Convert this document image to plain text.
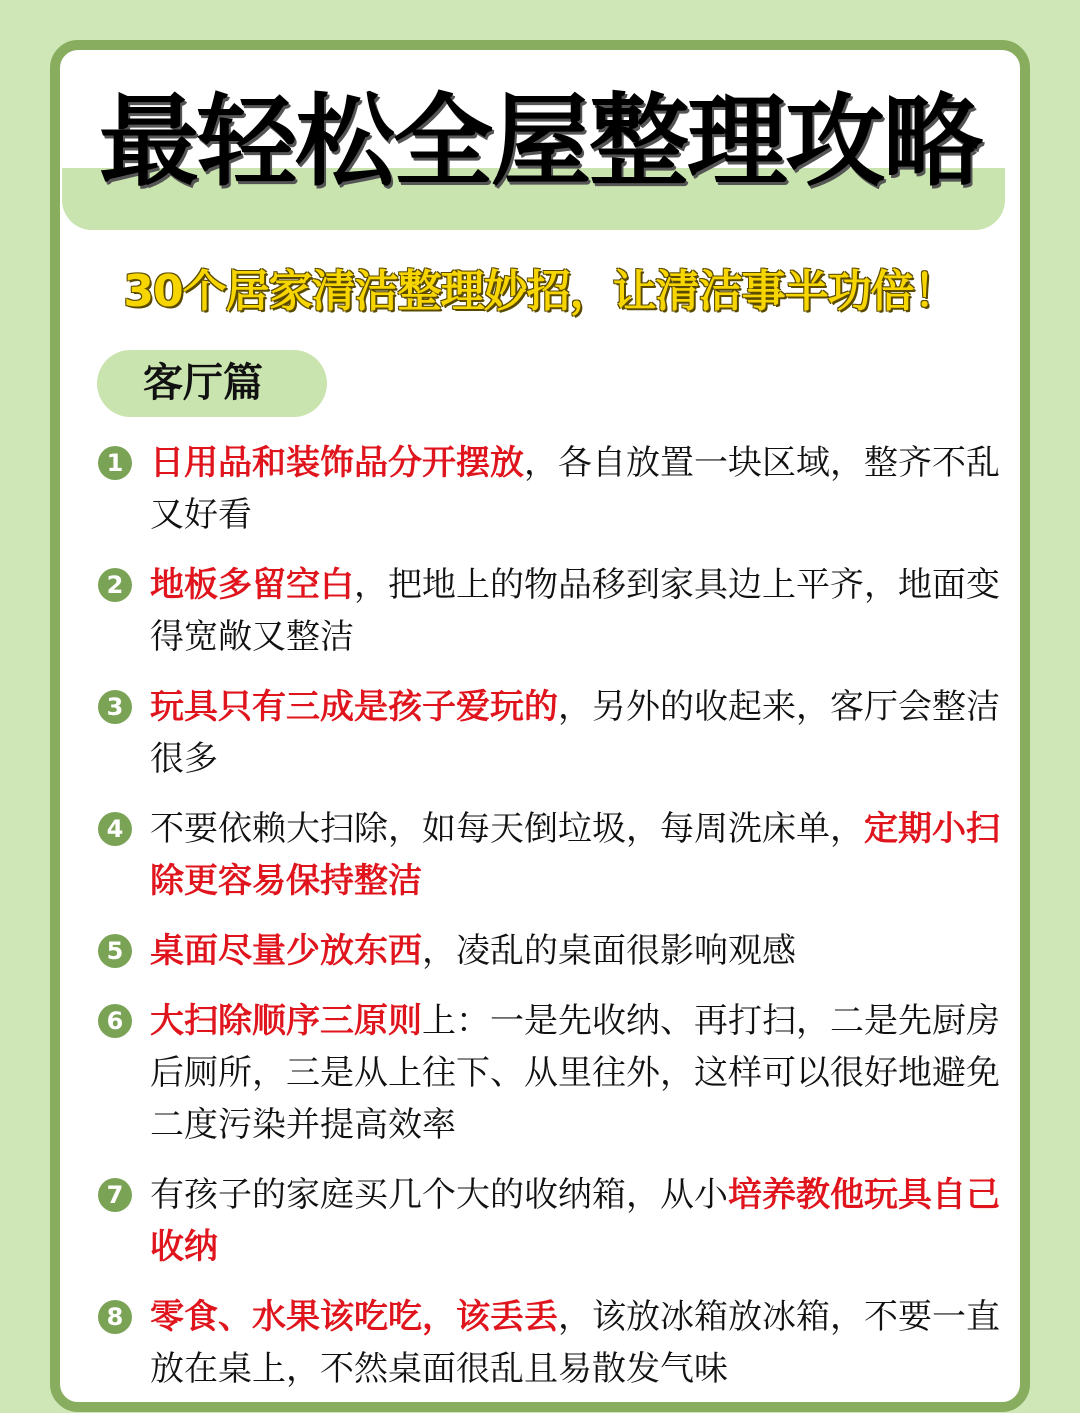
最轻松全屋整理攻略
30个居家清洁整理妙招，让清洁事半功倍！
客厅篇
1 日用品和装饰品分开摆放，各自放置一块区域，整齐不乱又好看
2 地板多留空白，把地上的物品移到家具边上平齐，地面变得宽敞又整洁
3 玩具只有三成是孩子爱玩的，另外的收起来，客厅会整洁很多
4 不要依赖大扫除，如每天倒垃圾，每周洗床单，定期小扫除更容易保持整洁
5 桌面尽量少放东西，凌乱的桌面很影响观感
6 大扫除顺序三原则上：一是先收纳、再打扫，二是先厨房后厕所，三是从上往下、从里往外，这样可以很好地避免二度污染并提高效率
7 有孩子的家庭买几个大的收纳箱，从小培养教他玩具自己收纳
8 零食、水果该吃吃，该丢丢，该放冰箱放冰箱，不要一直放在桌上，不然桌面很乱且易散发气味
